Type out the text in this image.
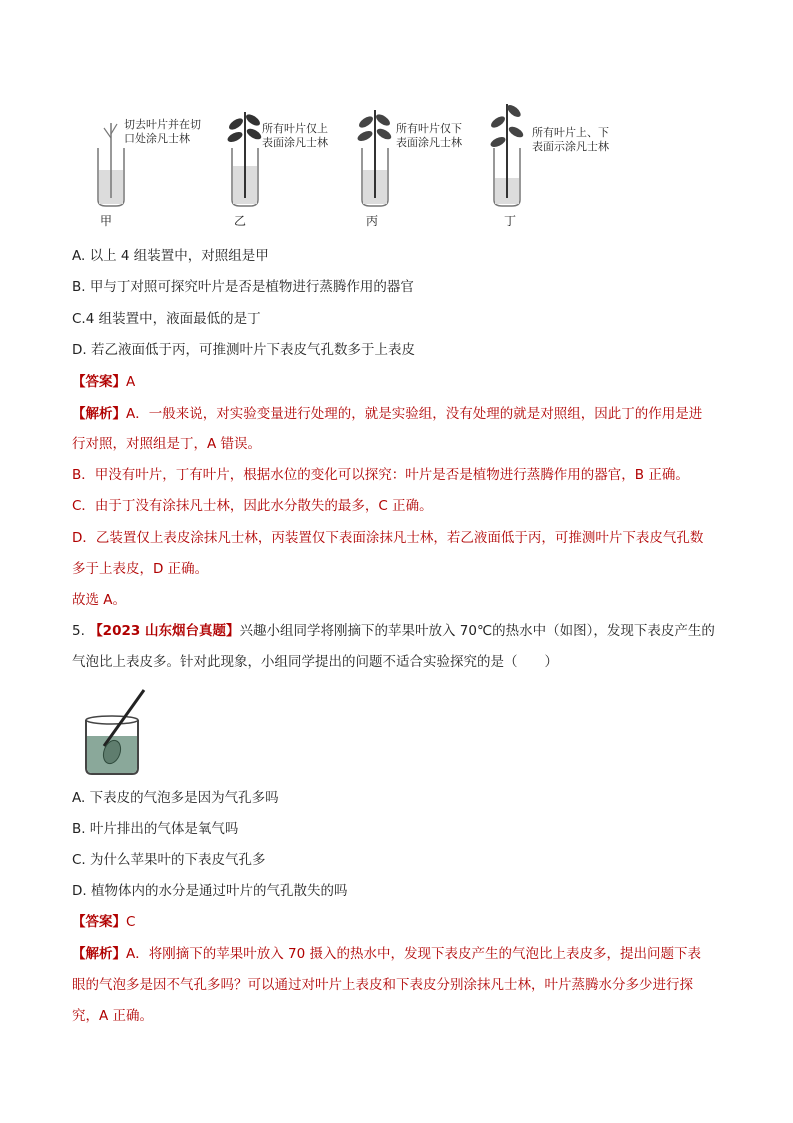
切去叶片并在切
口处涂凡士林
甲
所有叶片仅上
表面涂凡士林
乙
所有叶片仅下
表面涂凡士林
丙
所有叶片上、下
表面示涂凡士林
丁
A. 以上 4 组装置中，对照组是甲
B. 甲与丁对照可探究叶片是否是植物进行蒸腾作用的器官
C.4 组装置中，液面最低的是丁
D. 若乙液面低于丙，可推测叶片下表皮气孔数多于上表皮
【答案】A
【解析】A．一般来说，对实验变量进行处理的，就是实验组，没有处理的就是对照组，因此丁的作用是进
行对照，对照组是丁，A 错误。
B．甲没有叶片，丁有叶片，根据水位的变化可以探究：叶片是否是植物进行蒸腾作用的器官，B 正确。
C．由于丁没有涂抹凡士林，因此水分散失的最多，C 正确。
D．乙装置仅上表皮涂抹凡士林，丙装置仅下表面涂抹凡士林，若乙液面低于丙，可推测叶片下表皮气孔数
多于上表皮，D 正确。
故选 A。
5. 【2023 山东烟台真题】兴趣小组同学将刚摘下的苹果叶放入 70℃的热水中（如图），发现下表皮产生的
气泡比上表皮多。针对此现象，小组同学提出的问题不适合实验探究的是（　　）
A. 下表皮的气泡多是因为气孔多吗
B. 叶片排出的气体是氧气吗
C. 为什么苹果叶的下表皮气孔多
D. 植物体内的水分是通过叶片的气孔散失的吗
【答案】C
【解析】A．将刚摘下的苹果叶放入 70 摄入的热水中，发现下表皮产生的气泡比上表皮多，提出问题下表
眼的气泡多是因不气孔多吗？可以通过对叶片上表皮和下表皮分别涂抹凡士林，叶片蒸腾水分多少进行探
究，A 正确。
